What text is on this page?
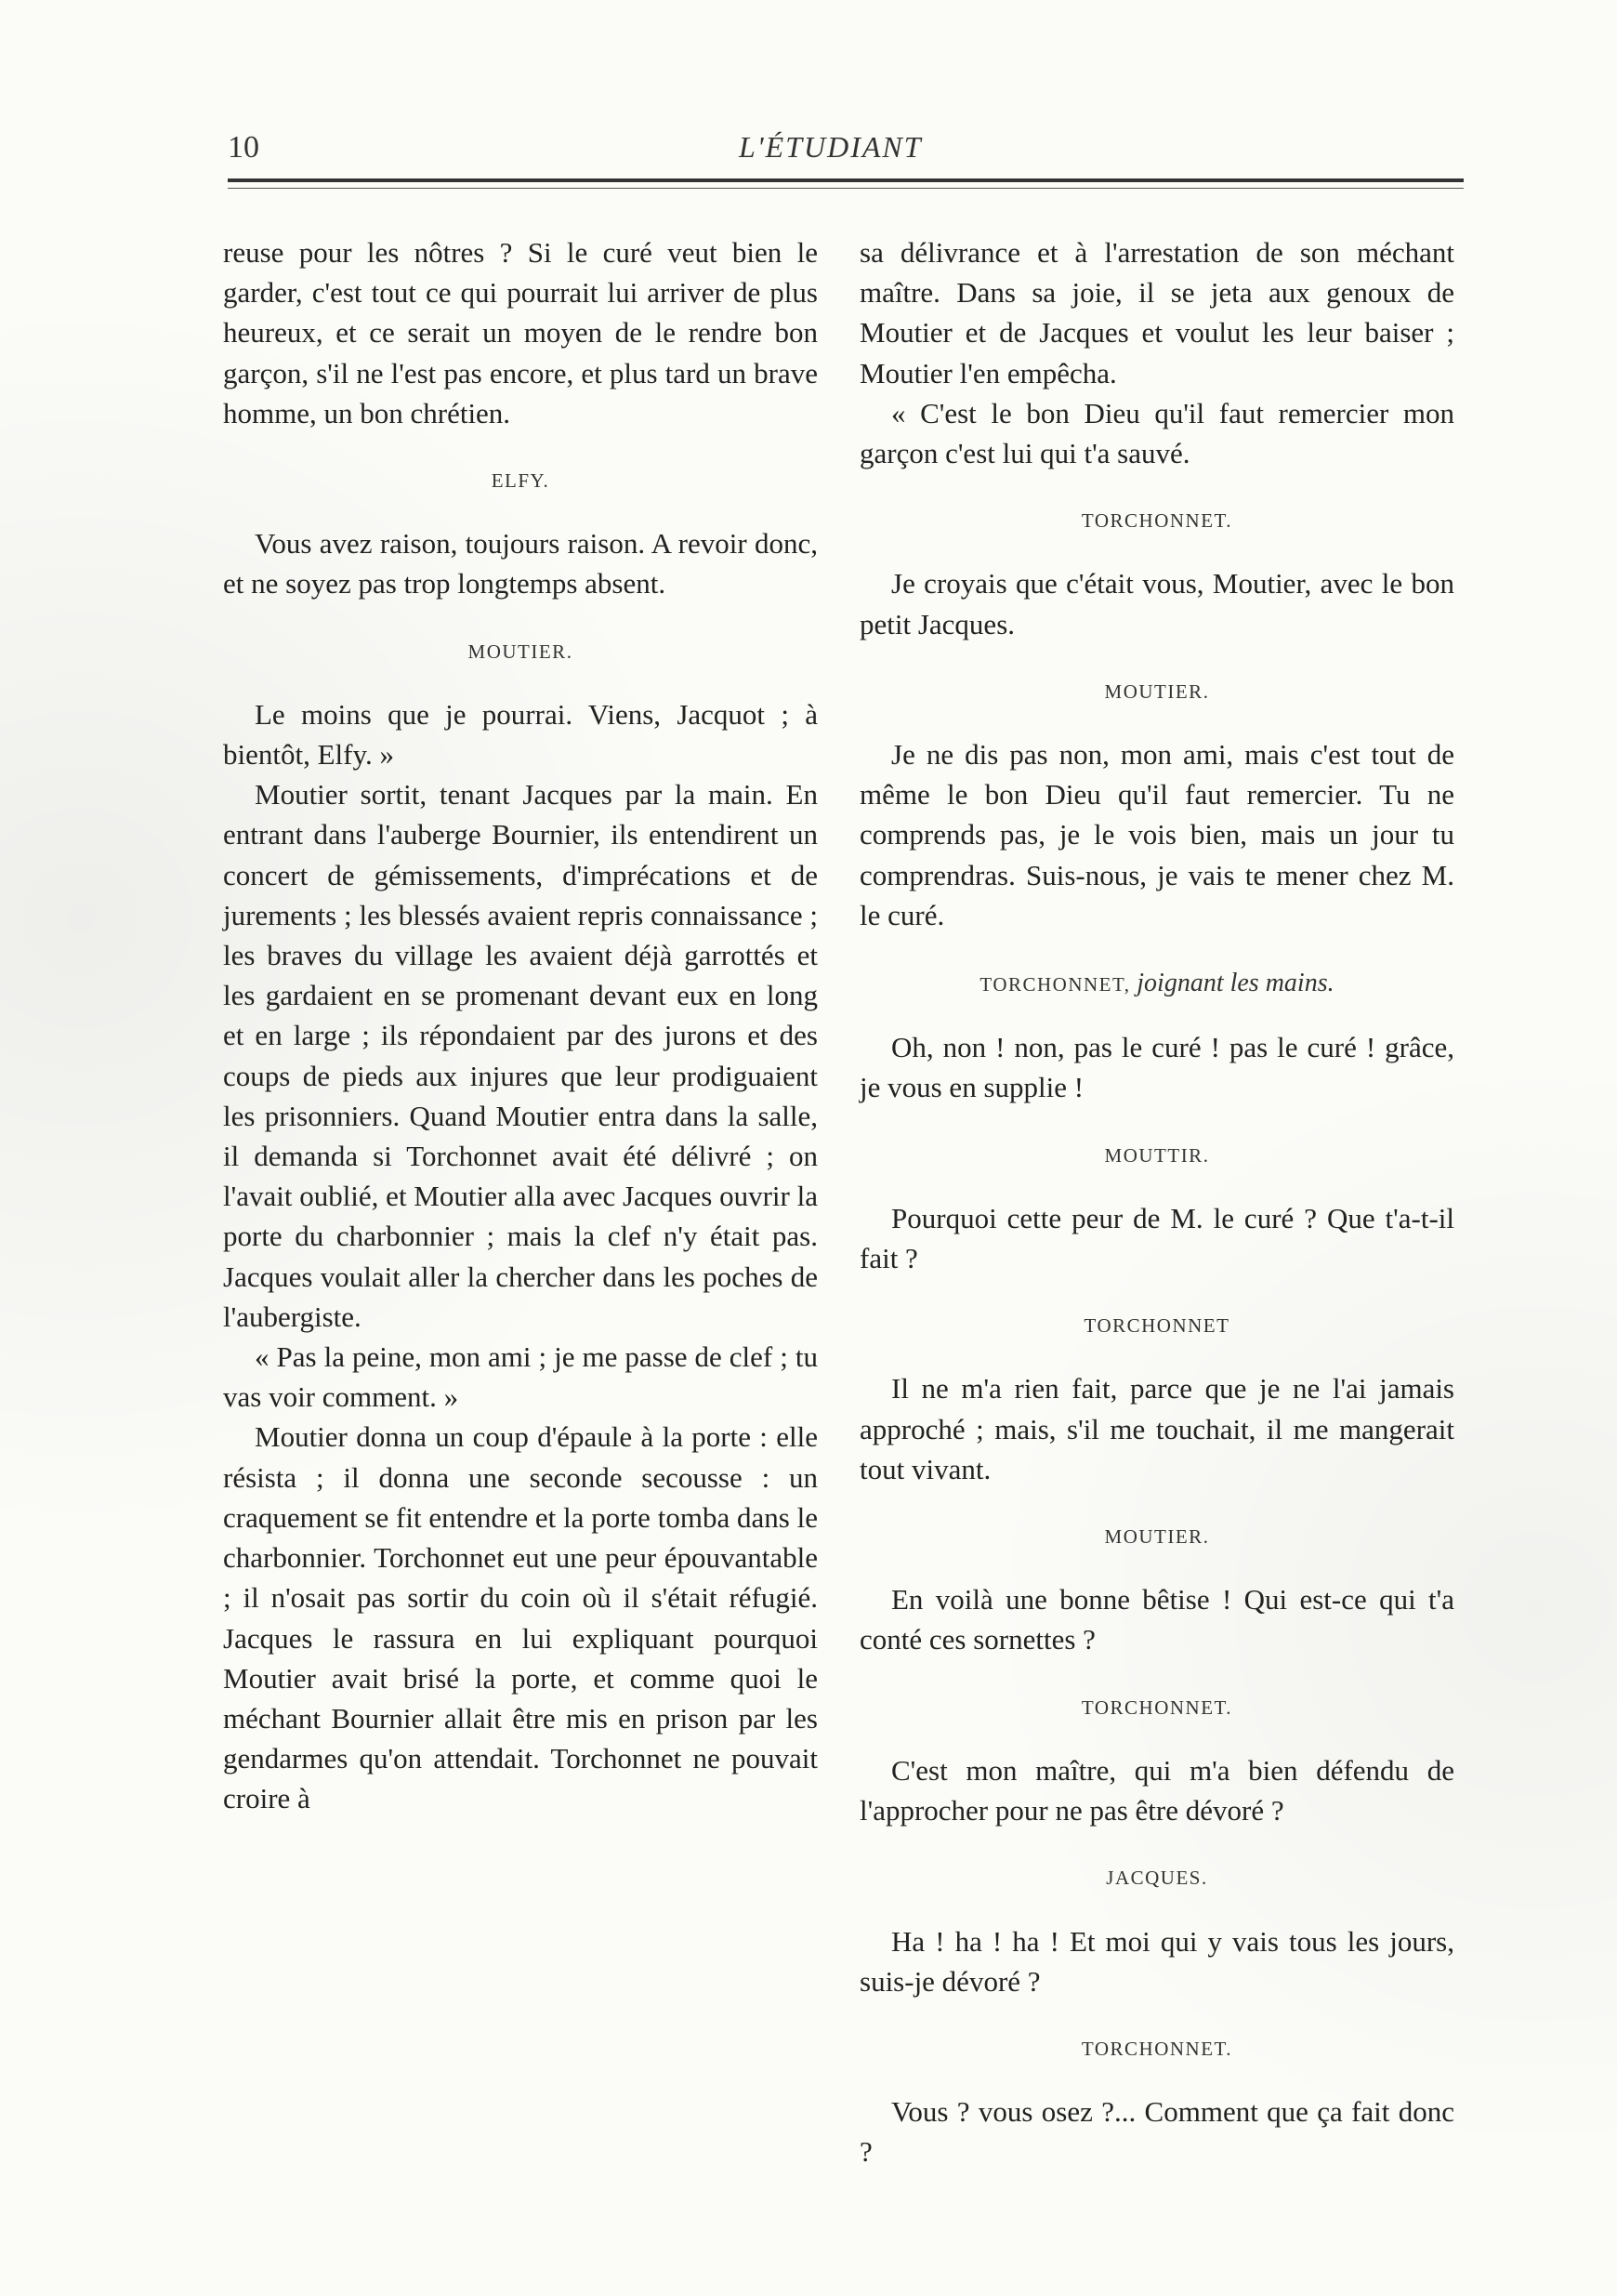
10	L'ÉTUDIANT

reuse pour les nôtres ? Si le curé veut bien le garder, c'est tout ce qui pourrait lui arriver de plus heureux, et ce serait un moyen de le rendre bon garçon, s'il ne l'est pas encore, et plus tard un brave homme, un bon chrétien.

ELFY.

Vous avez raison, toujours raison. A revoir donc, et ne soyez pas trop longtemps absent.

MOUTIER.

Le moins que je pourrai. Viens, Jacquot ; à bientôt, Elfy. »

Moutier sortit, tenant Jacques par la main. En entrant dans l'auberge Bournier, ils entendirent un concert de gémissements, d'imprécations et de jurements ; les blessés avaient repris connaissance ; les braves du village les avaient déjà garrottés et les gardaient en se promenant devant eux en long et en large ; ils répondaient par des jurons et des coups de pieds aux injures que leur prodiguaient les prisonniers. Quand Moutier entra dans la salle, il demanda si Torchonnet avait été délivré ; on l'avait oublié, et Moutier alla avec Jacques ouvrir la porte du charbonnier ; mais la clef n'y était pas. Jacques voulait aller la chercher dans les poches de l'aubergiste.

« Pas la peine, mon ami ; je me passe de clef ; tu vas voir comment. »

Moutier donna un coup d'épaule à la porte : elle résista ; il donna une seconde secousse : un craquement se fit entendre et la porte tomba dans le charbonnier. Torchonnet eut une peur épouvantable ; il n'osait pas sortir du coin où il s'était réfugié. Jacques le rassura en lui expliquant pourquoi Moutier avait brisé la porte, et comme quoi le méchant Bournier allait être mis en prison par les gendarmes qu'on attendait. Torchonnet ne pouvait croire à

sa délivrance et à l'arrestation de son méchant maître. Dans sa joie, il se jeta aux genoux de Moutier et de Jacques et voulut les leur baiser ; Moutier l'en empêcha.

« C'est le bon Dieu qu'il faut remercier mon garçon c'est lui qui t'a sauvé.

TORCHONNET.

Je croyais que c'était vous, Moutier, avec le bon petit Jacques.

MOUTIER.

Je ne dis pas non, mon ami, mais c'est tout de même le bon Dieu qu'il faut remercier. Tu ne comprends pas, je le vois bien, mais un jour tu comprendras. Suis-nous, je vais te mener chez M. le curé.

TORCHONNET, joignant les mains.

Oh, non ! non, pas le curé ! pas le curé ! grâce, je vous en supplie !

MOUTTIR.

Pourquoi cette peur de M. le curé ? Que t'a-t-il fait ?

TORCHONNET

Il ne m'a rien fait, parce que je ne l'ai jamais approché ; mais, s'il me touchait, il me mangerait tout vivant.

MOUTIER.

En voilà une bonne bêtise ! Qui est-ce qui t'a conté ces sornettes ?

TORCHONNET.

C'est mon maître, qui m'a bien défendu de l'approcher pour ne pas être dévoré ?

JACQUES.

Ha ! ha ! ha ! Et moi qui y vais tous les jours, suis-je dévoré ?

TORCHONNET.

Vous ? vous osez ?... Comment que ça fait donc ?
